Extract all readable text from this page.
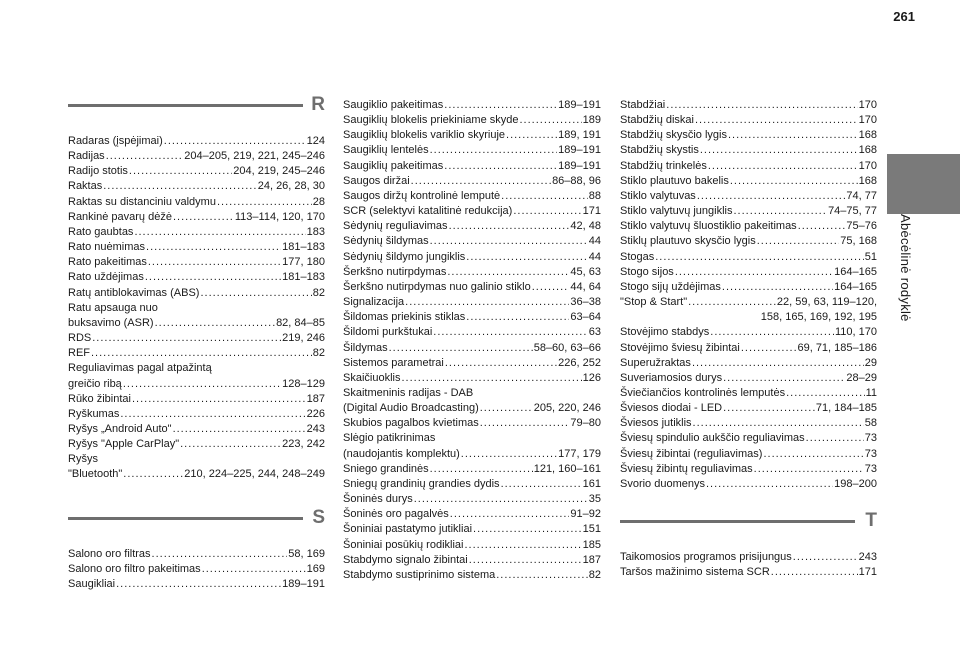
261
Abėcėlinė rodyklė
R
Radaras (įspėjimai) .....	124
Radijas .....	204–205, 219, 221, 245–246
Radijo stotis .....	204, 219, 245–246
Raktas .....	24, 26, 28, 30
Raktas su distanciniu valdymu .....	28
Rankinė pavarų dėžė .....	113–114, 120, 170
Rato gaubtas .....	183
Rato nuėmimas .....	181–183
Rato pakeitimas .....	177, 180
Rato uždėjimas .....	181–183
Ratų antiblokavimas (ABS) .....	82
Ratu apsauga nuo
buksavimo (ASR) .....	82, 84–85
RDS .....	219, 246
REF .....	82
Reguliavimas pagal atpažintą
greičio ribą .....	128–129
Rūko žibintai .....	187
Ryškumas .....	226
Ryšys „Android Auto" .....	243
Ryšys "Apple CarPlay" .....	223, 242
Ryšys
"Bluetooth" .....	210, 224–225, 244, 248–249
S
Salono oro filtras .....	58, 169
Salono oro filtro pakeitimas .....	169
Saugikliai .....	189–191
Saugiklio pakeitimas .....	189–191
Saugiklių blokelis priekiniame skyde .....	189
Saugiklių blokelis variklio skyriuje .....	189, 191
Saugiklių lentelės .....	189–191
Saugiklių pakeitimas .....	189–191
Saugos diržai .....	86–88, 96
Saugos diržų kontrolinė lemputė .....	88
SCR (selektyvi katalitinė redukcija) .....	171
Sėdynių reguliavimas .....	42, 48
Sėdynių šildymas .....	44
Sėdynių šildymo jungiklis .....	44
Šerkšno nutirpdymas .....	45, 63
Šerkšno nutirpdymas nuo galinio stiklo .....	44, 64
Signalizacija .....	36–38
Šildomas priekinis stiklas .....	63–64
Šildomi purkštukai .....	63
Šildymas .....	58–60, 63–66
Sistemos parametrai .....	226, 252
Skaičiuoklis .....	126
Skaitmeninis radijas - DAB
(Digital Audio Broadcasting) .....	205, 220, 246
Skubios pagalbos kvietimas .....	79–80
Slėgio patikrinimas
(naudojantis komplektu) .....	177, 179
Sniego grandinės .....	121, 160–161
Sniegų grandinių grandies dydis .....	161
Šoninės durys .....	35
Šoninės oro pagalvės .....	91–92
Šoniniai pastatymo jutikliai .....	151
Šoniniai posūkių rodikliai .....	185
Stabdymo signalo žibintai .....	187
Stabdymo sustiprinimo sistema .....	82
Stabdžiai .....	170
Stabdžių diskai .....	170
Stabdžių skysčio lygis .....	168
Stabdžių skystis .....	168
Stabdžių trinkelės .....	170
Stiklo plautuvo bakelis .....	168
Stiklo valytuvas .....	74, 77
Stiklo valytuvų jungiklis .....	74–75, 77
Stiklo valytuvų šluostiklio pakeitimas .....	75–76
Stiklų plautuvo skysčio lygis .....	75, 168
Stogas .....	51
Stogo sijos .....	164–165
Stogo sijų uždėjimas .....	164–165
"Stop & Start" .....	22, 59, 63, 119–120,
158, 165, 169, 192, 195
Stovėjimo stabdys .....	110, 170
Stovėjimo šviesų žibintai .....	69, 71, 185–186
Superužraktas .....	29
Suveriamosios durys .....	28–29
Šviečiančios kontrolinės lemputės .....	11
Šviesos diodai - LED .....	71, 184–185
Šviesos jutiklis .....	58
Šviesų spindulio aukščio reguliavimas .....	73
Šviesų žibintai (reguliavimas) .....	73
Šviesų žibintų reguliavimas .....	73
Svorio duomenys .....	198–200
T
Taikomosios programos prisijungus .....	243
Taršos mažinimo sistema SCR .....	171
